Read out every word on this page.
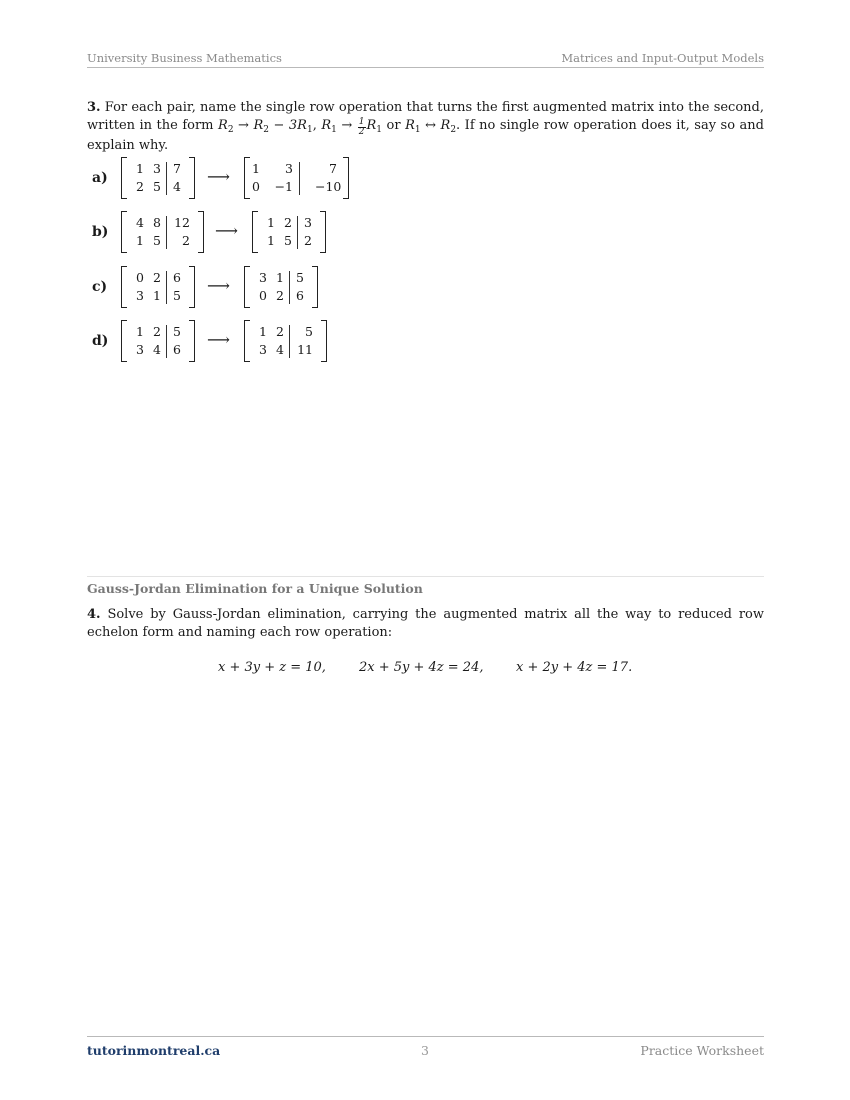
University Business Mathematics	Matrices and Input-Output Models
3. For each pair, name the single row operation that turns the first augmented matrix into the second, written in the form $R_2 \to R_2 - 3R_1$, $R_1 \to \frac{1}{2} R_1$ or $R_1$ ↔ $R_2$. If no single row operation does it, say so and explain why.
a)
1 3 7
2 5 4
⟶	1	3	7
0 −1 −10
b)
4 8	12
1 5	2
⟶	1 2 3
1 5 2
c)
0 2 6
3 1 5
⟶	3 1 5
0 2 6
d)
1 2 5
3 4 6
⟶	1 2	5
3 4	11
Gauss-Jordan Elimination for a Unique Solution
4. Solve by Gauss-Jordan elimination, carrying the augmented matrix all the way to reduced row echelon form and naming each row operation:
x + 3y + z = 10,	2x + 5y + 4z = 24,	x + 2y + 4z = 17.
tutorinmontreal.ca	3	Practice Worksheet
